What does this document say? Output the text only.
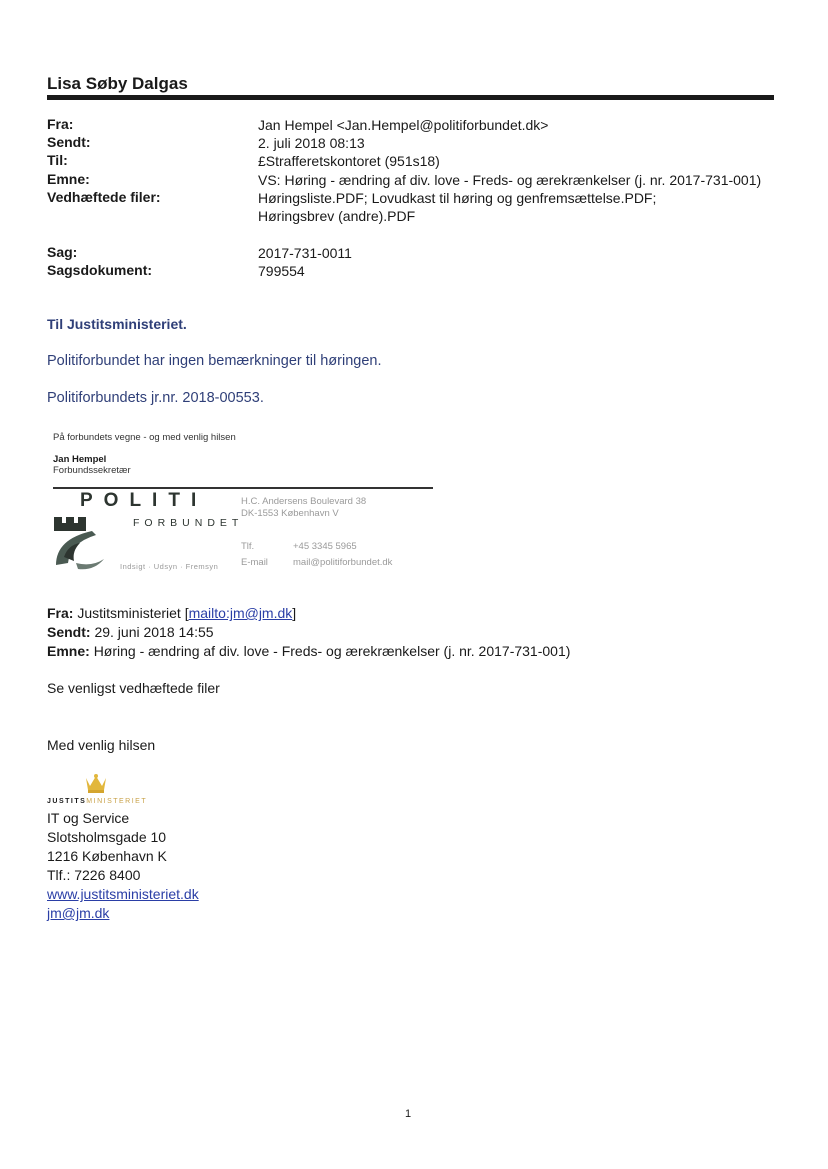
Lisa Søby Dalgas
Fra:	Jan Hempel <Jan.Hempel@politiforbundet.dk>
Sendt:	2. juli 2018 08:13
Til:	£Strafferetskontoret (951s18)
Emne:	VS: Høring - ændring af div. love - Freds- og ærekrænkelser (j. nr. 2017-731-001)
Vedhæftede filer:	Høringsliste.PDF; Lovudkast til høring og genfremsættelse.PDF; Høringsbrev (andre).PDF
Sag:	2017-731-0011
Sagsdokument:	799554
Til Justitsministeriet.
Politiforbundet har ingen bemærkninger til høringen.
Politiforbundets jr.nr. 2018-00553.
På forbundets vegne - og med venlig hilsen
Jan Hempel
Forbundssekretær
POLITI
FORBUNDET
Indsigt · Udsyn · Fremsyn
H.C. Andersens Boulevard 38
DK-1553 København V
Tlf.	+45 3345 5965
E-mail	mail@politiforbundet.dk
Fra: Justitsministeriet [mailto:jm@jm.dk]
Sendt: 29. juni 2018 14:55
Emne: Høring - ændring af div. love - Freds- og ærekrænkelser (j. nr. 2017-731-001)
Se venligst vedhæftede filer
Med venlig hilsen
JUSTITSMINISTERIET
IT og Service
Slotsholmsgade 10
1216 København K
Tlf.: 7226 8400
www.justitsministeriet.dk
jm@jm.dk
1
